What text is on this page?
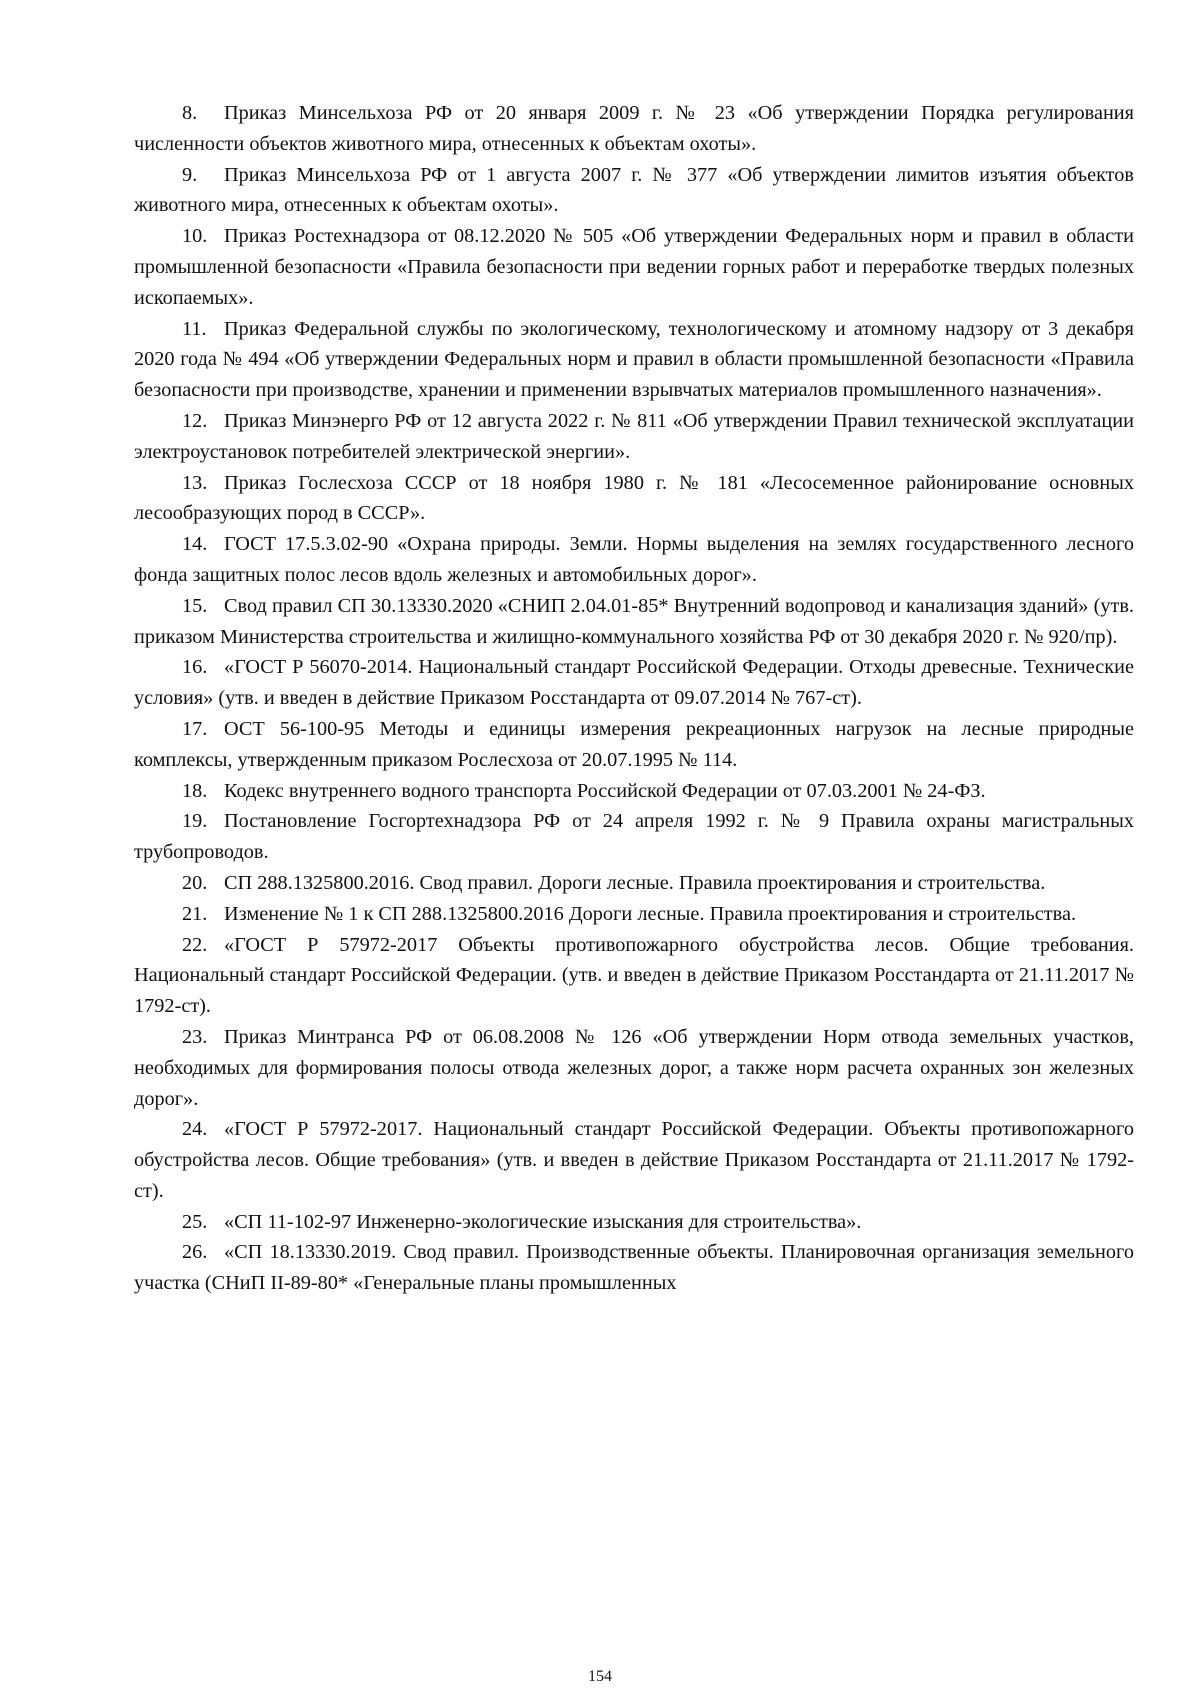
8. Приказ Минсельхоза РФ от 20 января 2009 г. № 23 «Об утверждении Порядка регулирования численности объектов животного мира, отнесенных к объектам охоты».

9. Приказ Минсельхоза РФ от 1 августа 2007 г. № 377 «Об утверждении лимитов изъятия объектов животного мира, отнесенных к объектам охоты».

10. Приказ Ростехнадзора от 08.12.2020 № 505 «Об утверждении Федеральных норм и правил в области промышленной безопасности «Правила безопасности при ведении горных работ и переработке твердых полезных ископаемых».

11. Приказ Федеральной службы по экологическому, технологическому и атомному надзору от 3 декабря 2020 года № 494 «Об утверждении Федеральных норм и правил в области промышленной безопасности «Правила безопасности при производстве, хранении и применении взрывчатых материалов промышленного назначения».

12. Приказ Минэнерго РФ от 12 августа 2022 г. № 811 «Об утверждении Правил технической эксплуатации электроустановок потребителей электрической энергии».

13. Приказ Гослесхоза СССР от 18 ноября 1980 г. № 181 «Лесосеменное районирование основных лесообразующих пород в СССР».

14. ГОСТ 17.5.3.02-90 «Охрана природы. Земли. Нормы выделения на землях государственного лесного фонда защитных полос лесов вдоль железных и автомобильных дорог».

15. Свод правил СП 30.13330.2020 «СНИП 2.04.01-85* Внутренний водопровод и канализация зданий» (утв. приказом Министерства строительства и жилищно-коммунального хозяйства РФ от 30 декабря 2020 г. № 920/пр).

16. «ГОСТ Р 56070-2014. Национальный стандарт Российской Федерации. Отходы древесные. Технические условия» (утв. и введен в действие Приказом Росстандарта от 09.07.2014 № 767-ст).

17. ОСТ 56-100-95 Методы и единицы измерения рекреационных нагрузок на лесные природные комплексы, утвержденным приказом Рослесхоза от 20.07.1995 № 114.

18. Кодекс внутреннего водного транспорта Российской Федерации от 07.03.2001 № 24-ФЗ.

19. Постановление Госгортехнадзора РФ от 24 апреля 1992 г. № 9 Правила охраны магистральных трубопроводов.

20. СП 288.1325800.2016. Свод правил. Дороги лесные. Правила проектирования и строительства.

21. Изменение № 1 к СП 288.1325800.2016 Дороги лесные. Правила проектирования и строительства.

22. «ГОСТ Р 57972-2017 Объекты противопожарного обустройства лесов. Общие требования. Национальный стандарт Российской Федерации. (утв. и введен в действие Приказом Росстандарта от 21.11.2017 № 1792-ст).

23. Приказ Минтранса РФ от 06.08.2008 № 126 «Об утверждении Норм отвода земельных участков, необходимых для формирования полосы отвода железных дорог, а также норм расчета охранных зон железных дорог».

24. «ГОСТ Р 57972-2017. Национальный стандарт Российской Федерации. Объекты противопожарного обустройства лесов. Общие требования» (утв. и введен в действие Приказом Росстандарта от 21.11.2017 № 1792-ст).

25. «СП 11-102-97 Инженерно-экологические изыскания для строительства».

26. «СП 18.13330.2019. Свод правил. Производственные объекты. Планировочная организация земельного участка (СНиП II-89-80* «Генеральные планы промышленных

154
